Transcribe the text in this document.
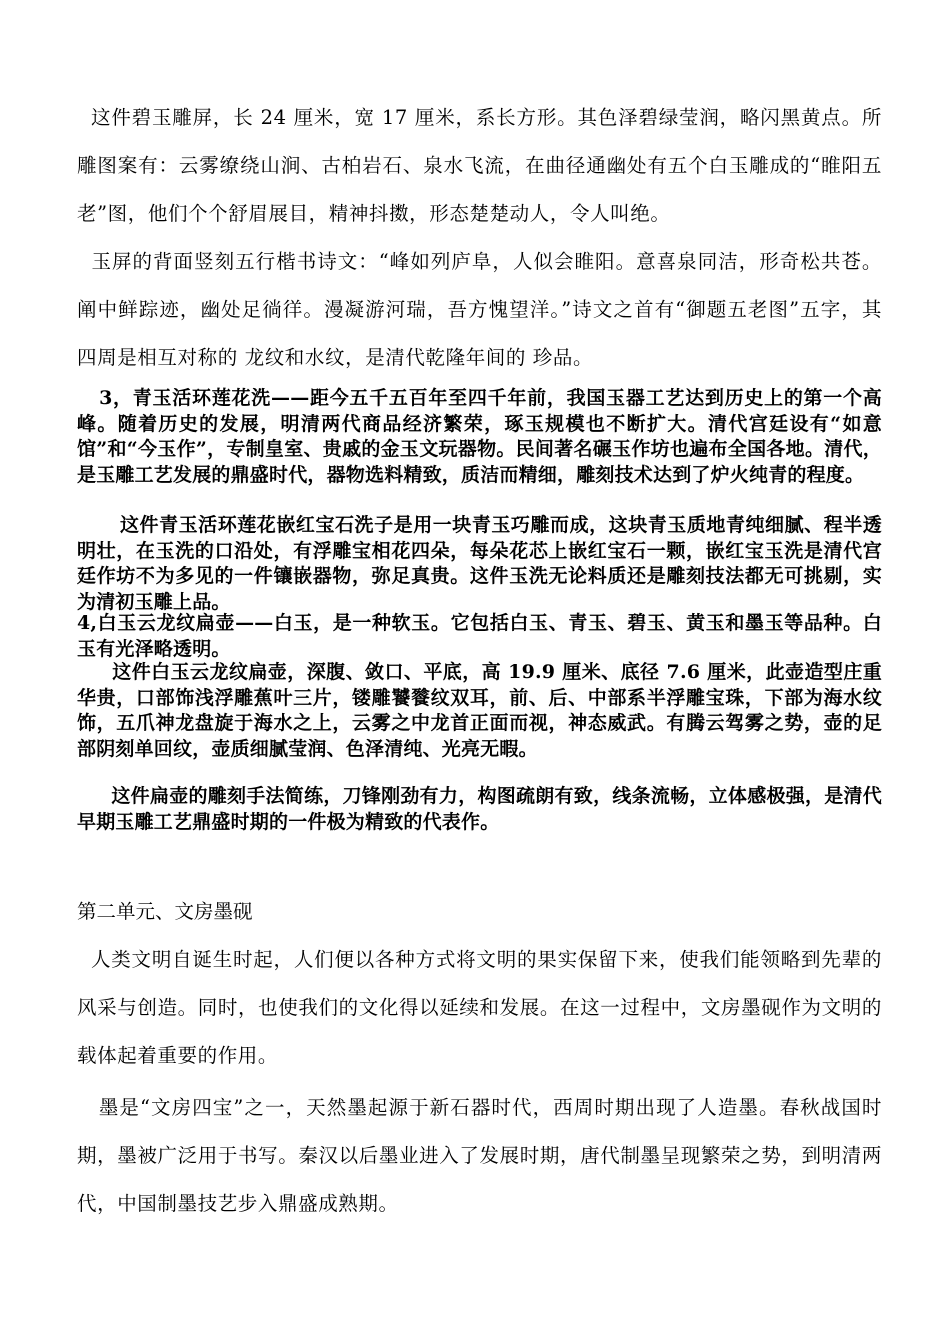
这件碧玉雕屏，长 24 厘米，宽 17 厘米，系长方形。其色泽碧绿莹润，略闪黑黄点。所雕图案有：云雾缭绕山涧、古柏岩石、泉水飞流，在曲径通幽处有五个白玉雕成的“睢阳五老”图，他们个个舒眉展目，精神抖擞，形态楚楚动人，令人叫绝。

玉屏的背面竖刻五行楷书诗文：“峰如列庐阜，人似会睢阳。意喜泉同洁，形奇松共苍。阐中鲜踪迹，幽处足徜徉。漫凝游河瑞，吾方愧望洋。”诗文之首有“御题五老图”五字，其四周是相互对称的 龙纹和水纹，是清代乾隆年间的 珍品。

3，青玉活环莲花洗——距今五千五百年至四千年前，我国玉器工艺达到历史上的第一个高峰。随着历史的发展，明清两代商品经济繁荣，琢玉规模也不断扩大。清代宫廷设有“如意馆”和“今玉作”，专制皇室、贵戚的金玉文玩器物。民间著名碾玉作坊也遍布全国各地。清代，是玉雕工艺发展的鼎盛时代，器物选料精致，质洁而精细，雕刻技术达到了炉火纯青的程度。

这件青玉活环莲花嵌红宝石洗子是用一块青玉巧雕而成，这块青玉质地青纯细腻、程半透明壮，在玉洗的口沿处，有浮雕宝相花四朵，每朵花芯上嵌红宝石一颗，嵌红宝玉洗是清代宫廷作坊不为多见的一件镶嵌器物，弥足真贵。这件玉洗无论料质还是雕刻技法都无可挑剔，实为清初玉雕上品。

4,白玉云龙纹扁壶——白玉，是一种软玉。它包括白玉、青玉、碧玉、黄玉和墨玉等品种。白玉有光泽略透明。

这件白玉云龙纹扁壶，深腹、敛口、平底，高 19.9 厘米、底径 7.6 厘米，此壶造型庄重华贵，口部饰浅浮雕蕉叶三片，镂雕饕餮纹双耳，前、后、中部系半浮雕宝珠，下部为海水纹饰，五爪神龙盘旋于海水之上，云雾之中龙首正面而视，神态威武。有腾云驾雾之势，壶的足部阴刻单回纹，壶质细腻莹润、色泽清纯、光亮无暇。

这件扁壶的雕刻手法简练，刀锋刚劲有力，构图疏朗有致，线条流畅，立体感极强，是清代早期玉雕工艺鼎盛时期的一件极为精致的代表作。

第二单元、文房墨砚

人类文明自诞生时起，人们便以各种方式将文明的果实保留下来，使我们能领略到先辈的 风采与创造。同时，也使我们的文化得以延续和发展。在这一过程中，文房墨砚作为文明的载体起着重要的作用。

墨是“文房四宝”之一，天然墨起源于新石器时代，西周时期出现了人造墨。春秋战国时期，墨被广泛用于书写。秦汉以后墨业进入了发展时期，唐代制墨呈现繁荣之势，到明清两代，中国制墨技艺步入鼎盛成熟期。
